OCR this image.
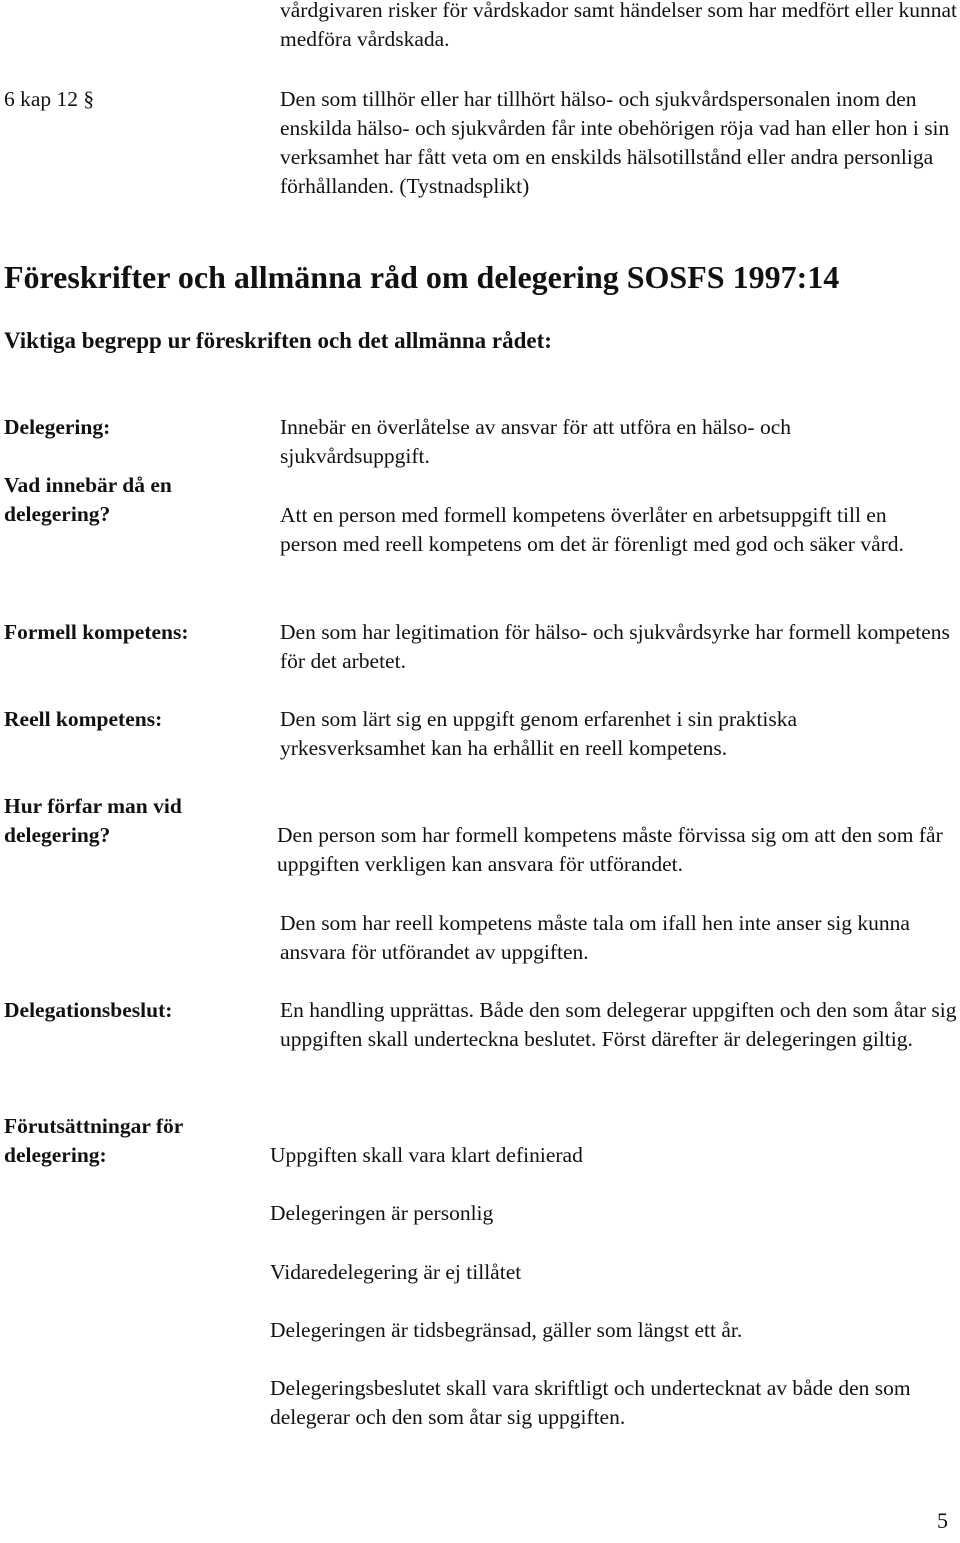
vårdgivaren risker för vårdskador samt händelser som har medfört eller kunnat medföra vårdskada.

6 kap 12 §	Den som tillhör eller har tillhört hälso- och sjukvårdspersonalen inom den enskilda hälso- och sjukvården får inte obehörigen röja vad han eller hon i sin verksamhet har fått veta om en enskilds hälsotillstånd eller andra personliga förhållanden. (Tystnadsplikt)

Föreskrifter och allmänna råd om delegering SOSFS 1997:14
Viktiga begrepp ur föreskriften och det allmänna rådet:

Delegering:	Innebär en överlåtelse av ansvar för att utföra en hälso- och sjukvårdsuppgift.

Vad innebär då en delegering?	Att en person med formell kompetens överlåter en arbetsuppgift till en person med reell kompetens om det är förenligt med god och säker vård.

Formell kompetens:	Den som har legitimation för hälso- och sjukvårdsyrke har formell kompetens för det arbetet.

Reell kompetens:	Den som lärt sig en uppgift genom erfarenhet i sin praktiska yrkesverksamhet kan ha erhållit en reell kompetens.

Hur förfar man vid delegering?	Den person som har formell kompetens måste förvissa sig om att den som får uppgiften verkligen kan ansvara för utförandet.

Den som har reell kompetens måste tala om ifall hen inte anser sig kunna ansvara för utförandet av uppgiften.

Delegationsbeslut:	En handling upprättas. Både den som delegerar uppgiften och den som åtar sig uppgiften skall underteckna beslutet. Först därefter är delegeringen giltig.

Förutsättningar för delegering:	Uppgiften skall vara klart definierad

Delegeringen är personlig

Vidaredelegering är ej tillåtet

Delegeringen är tidsbegränsad, gäller som längst ett år.

Delegeringsbeslutet skall vara skriftligt och undertecknat av både den som delegerar och den som åtar sig uppgiften.

5
